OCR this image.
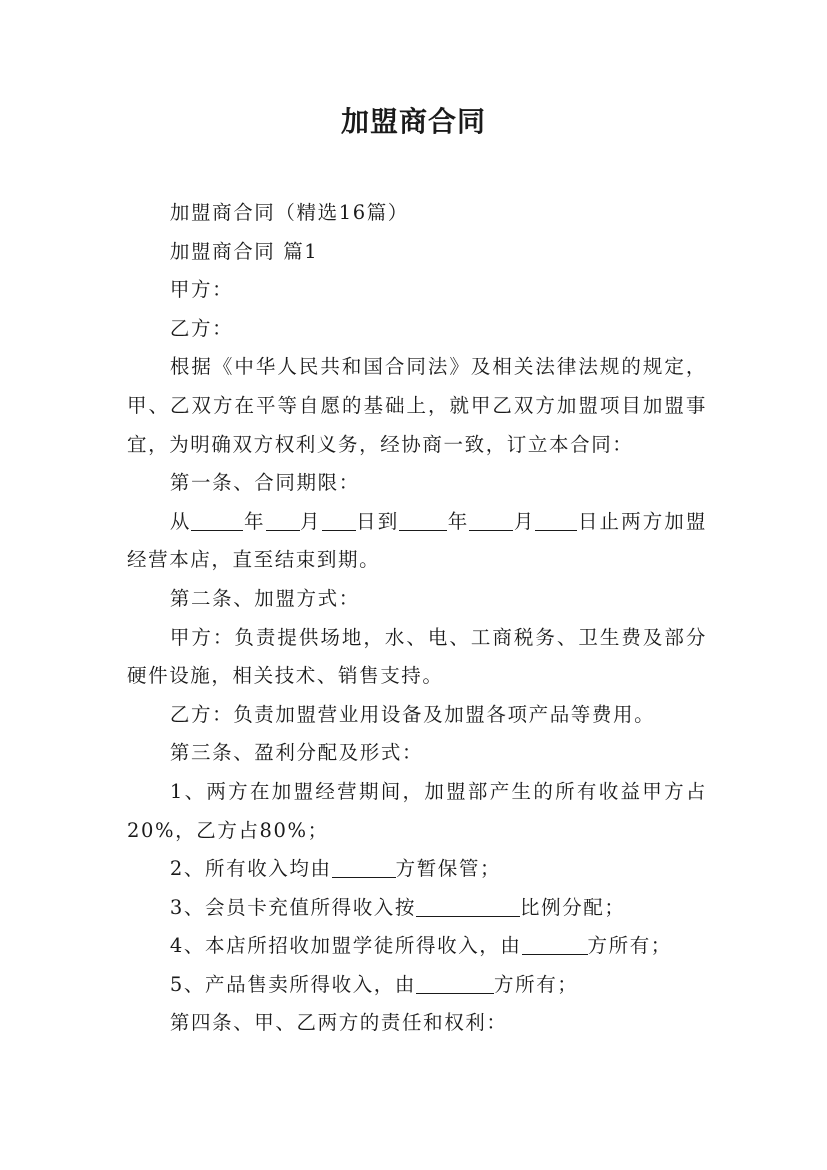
加盟商合同

加盟商合同（精选16篇）

加盟商合同 篇1

甲方：

乙方：

根据《中华人民共和国合同法》及相关法律法规的规定，甲、乙双方在平等自愿的基础上，就甲乙双方加盟项目加盟事宜，为明确双方权利义务，经协商一致，订立本合同：

第一条、合同期限：

从	年 月 日到 年 月 日止两方加盟经营本店，直至结束到期。

第二条、加盟方式：

甲方：负责提供场地，水、电、工商税务、卫生费及部分硬件设施，相关技术、销售支持。

乙方：负责加盟营业用设备及加盟各项产品等费用。

第三条、盈利分配及形式：

1、两方在加盟经营期间，加盟部产生的所有收益甲方占20%，乙方占80%；

2、所有收入均由	方暂保管；

3、会员卡充值所得收入按	比例分配；

4、本店所招收加盟学徒所得收入，由	方所有；

5、产品售卖所得收入，由	方所有；

第四条、甲、乙两方的责任和权利：
